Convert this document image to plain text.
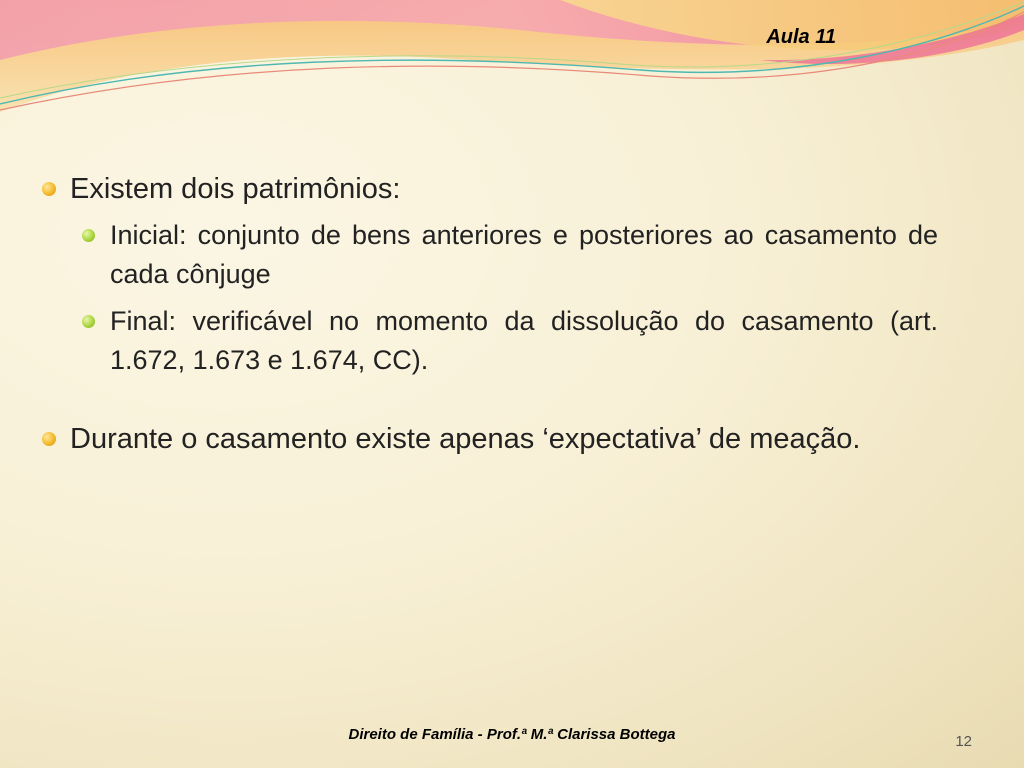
Aula 11

Existem dois patrimônios:

Inicial: conjunto de bens anteriores e posteriores ao casamento de cada cônjuge

Final: verificável no momento da dissolução do casamento (art. 1.672, 1.673 e 1.674, CC).

Durante o casamento existe apenas ‘expectativa’ de meação.

Direito de Família - Prof.ª M.ª Clarissa Bottega	12
